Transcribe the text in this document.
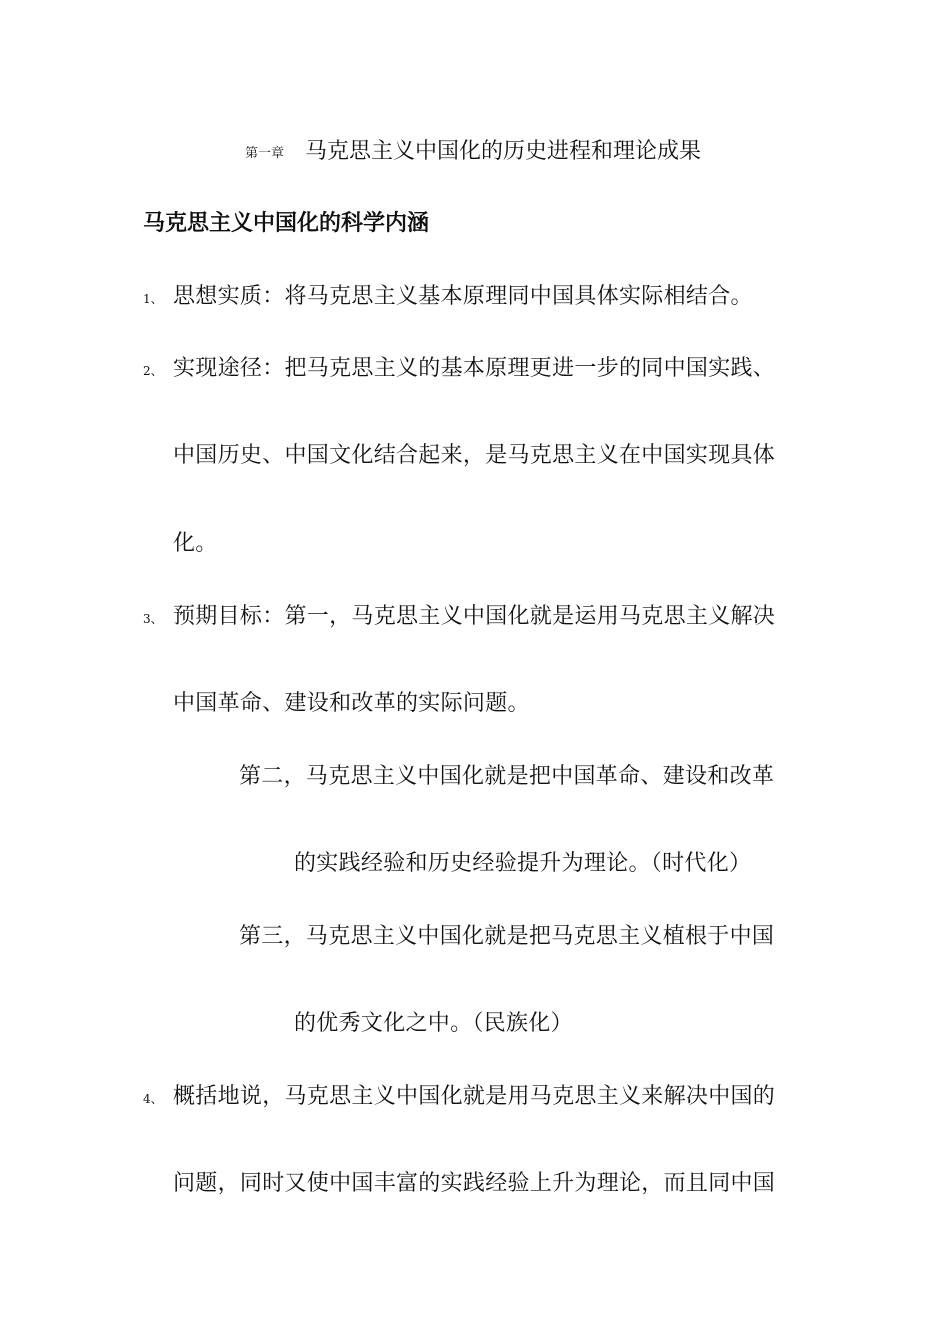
第一章 马克思主义中国化的历史进程和理论成果
马克思主义中国化的科学内涵
1、 思想实质：将马克思主义基本原理同中国具体实际相结合。
2、 实现途径：把马克思主义的基本原理更进一步的同中国实践、
中国历史、中国文化结合起来，是马克思主义在中国实现具体
化。
3、 预期目标：第一，马克思主义中国化就是运用马克思主义解决
中国革命、建设和改革的实际问题。
第二，马克思主义中国化就是把中国革命、建设和改革
的实践经验和历史经验提升为理论。（时代化）
第三，马克思主义中国化就是把马克思主义植根于中国
的优秀文化之中。（民族化）
4、 概括地说，马克思主义中国化就是用马克思主义来解决中国的
问题，同时又使中国丰富的实践经验上升为理论，而且同中国
